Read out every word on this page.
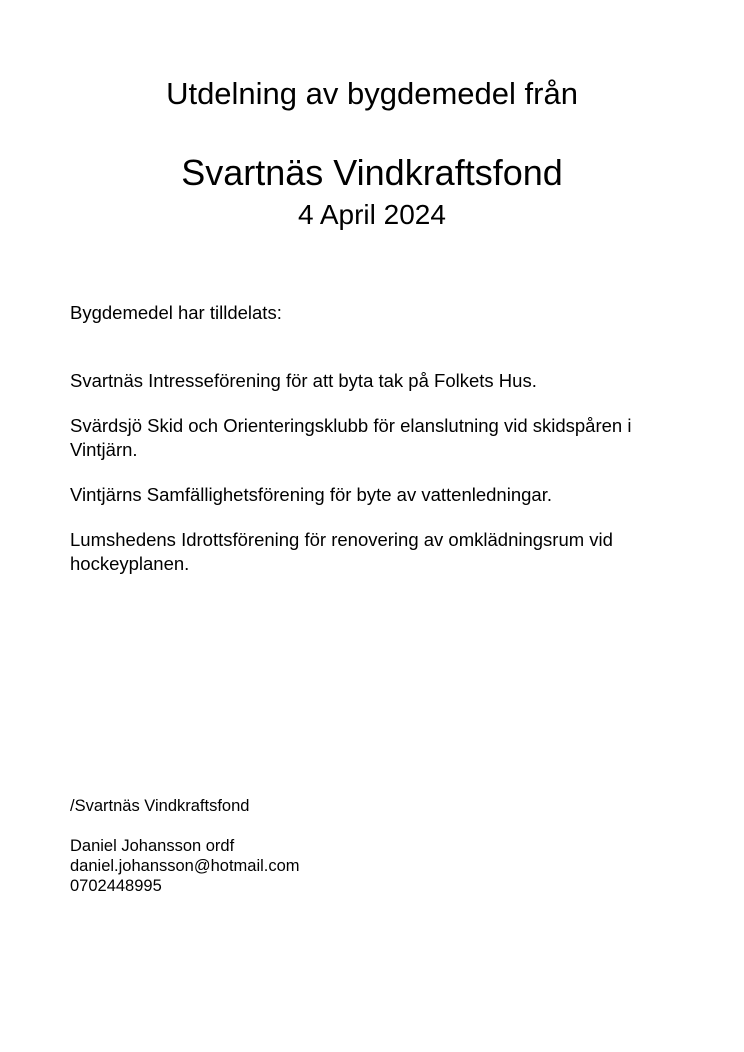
Utdelning av bygdemedel från
Svartnäs Vindkraftsfond
4 April 2024
Bygdemedel har tilldelats:
Svartnäs Intresseförening för att byta tak på Folkets Hus.
Svärdsjö Skid och Orienteringsklubb för elanslutning vid skidspåren i Vintjärn.
Vintjärns Samfällighetsförening för byte av vattenledningar.
Lumshedens Idrottsförening för renovering av omklädningsrum vid hockeyplanen.
/Svartnäs Vindkraftsfond
Daniel Johansson ordf
daniel.johansson@hotmail.com
0702448995
